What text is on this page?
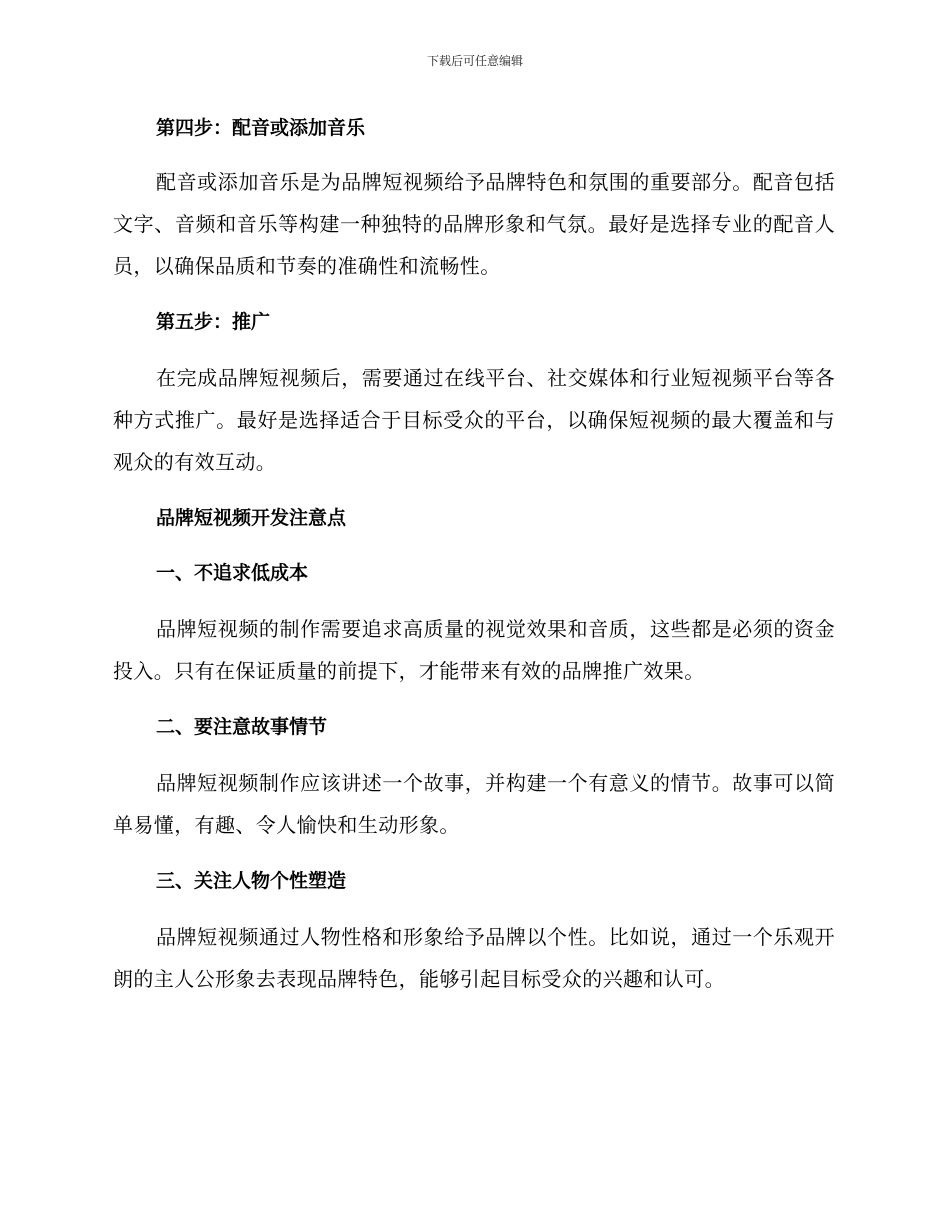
下载后可任意编辑
第四步：配音或添加音乐

配音或添加音乐是为品牌短视频给予品牌特色和氛围的重要部分。配音包括文字、音频和音乐等构建一种独特的品牌形象和气氛。最好是选择专业的配音人员，以确保品质和节奏的准确性和流畅性。

第五步：推广

在完成品牌短视频后，需要通过在线平台、社交媒体和行业短视频平台等各种方式推广。最好是选择适合于目标受众的平台，以确保短视频的最大覆盖和与观众的有效互动。

品牌短视频开发注意点
一、不追求低成本

品牌短视频的制作需要追求高质量的视觉效果和音质，这些都是必须的资金投入。只有在保证质量的前提下，才能带来有效的品牌推广效果。

二、要注意故事情节

品牌短视频制作应该讲述一个故事，并构建一个有意义的情节。故事可以简单易懂，有趣、令人愉快和生动形象。

三、关注人物个性塑造

品牌短视频通过人物性格和形象给予品牌以个性。比如说，通过一个乐观开朗的主人公形象去表现品牌特色，能够引起目标受众的兴趣和认可。
